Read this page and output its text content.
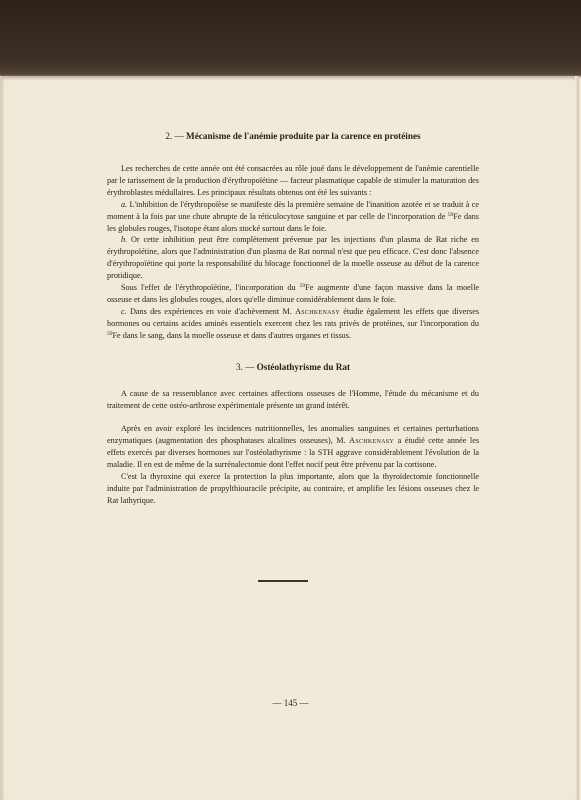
2. — Mécanisme de l'anémie produite par la carence en protéines

Les recherches de cette année ont été consacrées au rôle joué dans le développement de l'anémie carentielle par le tarissement de la production d'érythropoïétine — facteur plasmatique capable de stimuler la maturation des érythroblastes médullaires. Les principaux résultats obtenus ont été les suivants :

a. L'inhibition de l'érythropoïèse se manifeste dès la première semaine de l'inanition azotée et se traduit à ce moment à la fois par une chute abrupte de la réticulocytose sanguine et par celle de l'incorporation de $^{59}$Fe dans les globules rouges, l'isotope étant alors stocké surtout dans le foie.

b. Or cette inhibition peut être complètement prévenue par les injections d'un plasma de Rat riche en érythropoïétine, alors que l'administration d'un plasma de Rat normal n'est que peu efficace. C'est donc l'absence d'érythropoïétine qui porte la responsabilité du blocage fonctionnel de la moelle osseuse au début de la carence protidique.

Sous l'effet de l'érythropoïétine, l'incorporation du $^{59}$Fe augmente d'une façon massive dans la moelle osseuse et dans les globules rouges, alors qu'elle diminue considérablement dans le foie.

c. Dans des expériences en voie d'achèvement M. Aschkenasy étudie également les effets que diverses hormones ou certains acides aminés essentiels exercent chez les rats privés de protéines, sur l'incorporation du $^{59}$Fe dans le sang, dans la moelle osseuse et dans d'autres organes et tissus.

3. — Ostéolathyrisme du Rat

A cause de sa ressemblance avec certaines affections osseuses de l'Homme, l'étude du mécanisme et du traitement de cette ostéo-arthrose expérimentale présente un grand intérêt.

Après en avoir exploré les incidences nutritionnelles, les anomalies sanguines et certaines perturbations enzymatiques (augmentation des phosphatases alcalines osseuses), M. Aschkenasy a étudié cette année les effets exercés par diverses hormones sur l'ostéolathyrisme : la STH aggrave considérablement l'évolution de la maladie. Il en est de même de la surrénalectomie dont l'effet nocif peut être prévenu par la cortisone.

C'est la thyroxine qui exerce la protection la plus importante, alors que la thyroïdectomie fonctionnelle induite par l'administration de propylthiouracile précipite, au contraire, et amplifie les lésions osseuses chez le Rat lathyrique.

— 145 —
